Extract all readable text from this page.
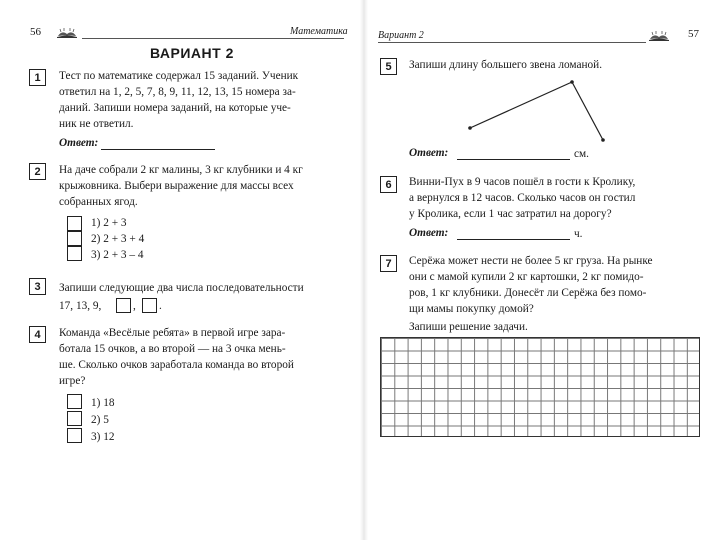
56	Математика
ВАРИАНТ 2
1	Тест по математике содержал 15 заданий. Ученик
ответил на 1, 2, 5, 7, 8, 9, 11, 12, 13, 15 номера за-
даний. Запиши номера заданий, на которые уче-
ник не ответил.
Ответ:
2	На даче собрали 2 кг малины, 3 кг клубники и 4 кг
крыжовника. Выбери выражение для массы всех
собранных ягод.
1) 2 + 3
2) 2 + 3 + 4
3) 2 + 3 – 4
3	Запиши следующие два числа последовательности
17, 13, 9,	, .
4	Команда «Весёлые ребята» в первой игре зара-
ботала 15 очков, а во второй — на 3 очка мень-
ше. Сколько очков заработала команда во второй
игре?
1) 18
2) 5
3) 12
Вариант 2	57
5	Запиши длину большего звена ломаной.
Ответ:	см.
6	Винни-Пух в 9 часов пошёл в гости к Кролику,
а вернулся в 12 часов. Сколько часов он гостил
у Кролика, если 1 час затратил на дорогу?
Ответ:	ч.
7	Серёжа может нести не более 5 кг груза. На рынке
они с мамой купили 2 кг картошки, 2 кг помидо-
ров, 1 кг клубники. Донесёт ли Серёжа без помо-
щи мамы покупку домой?
Запиши решение задачи.
